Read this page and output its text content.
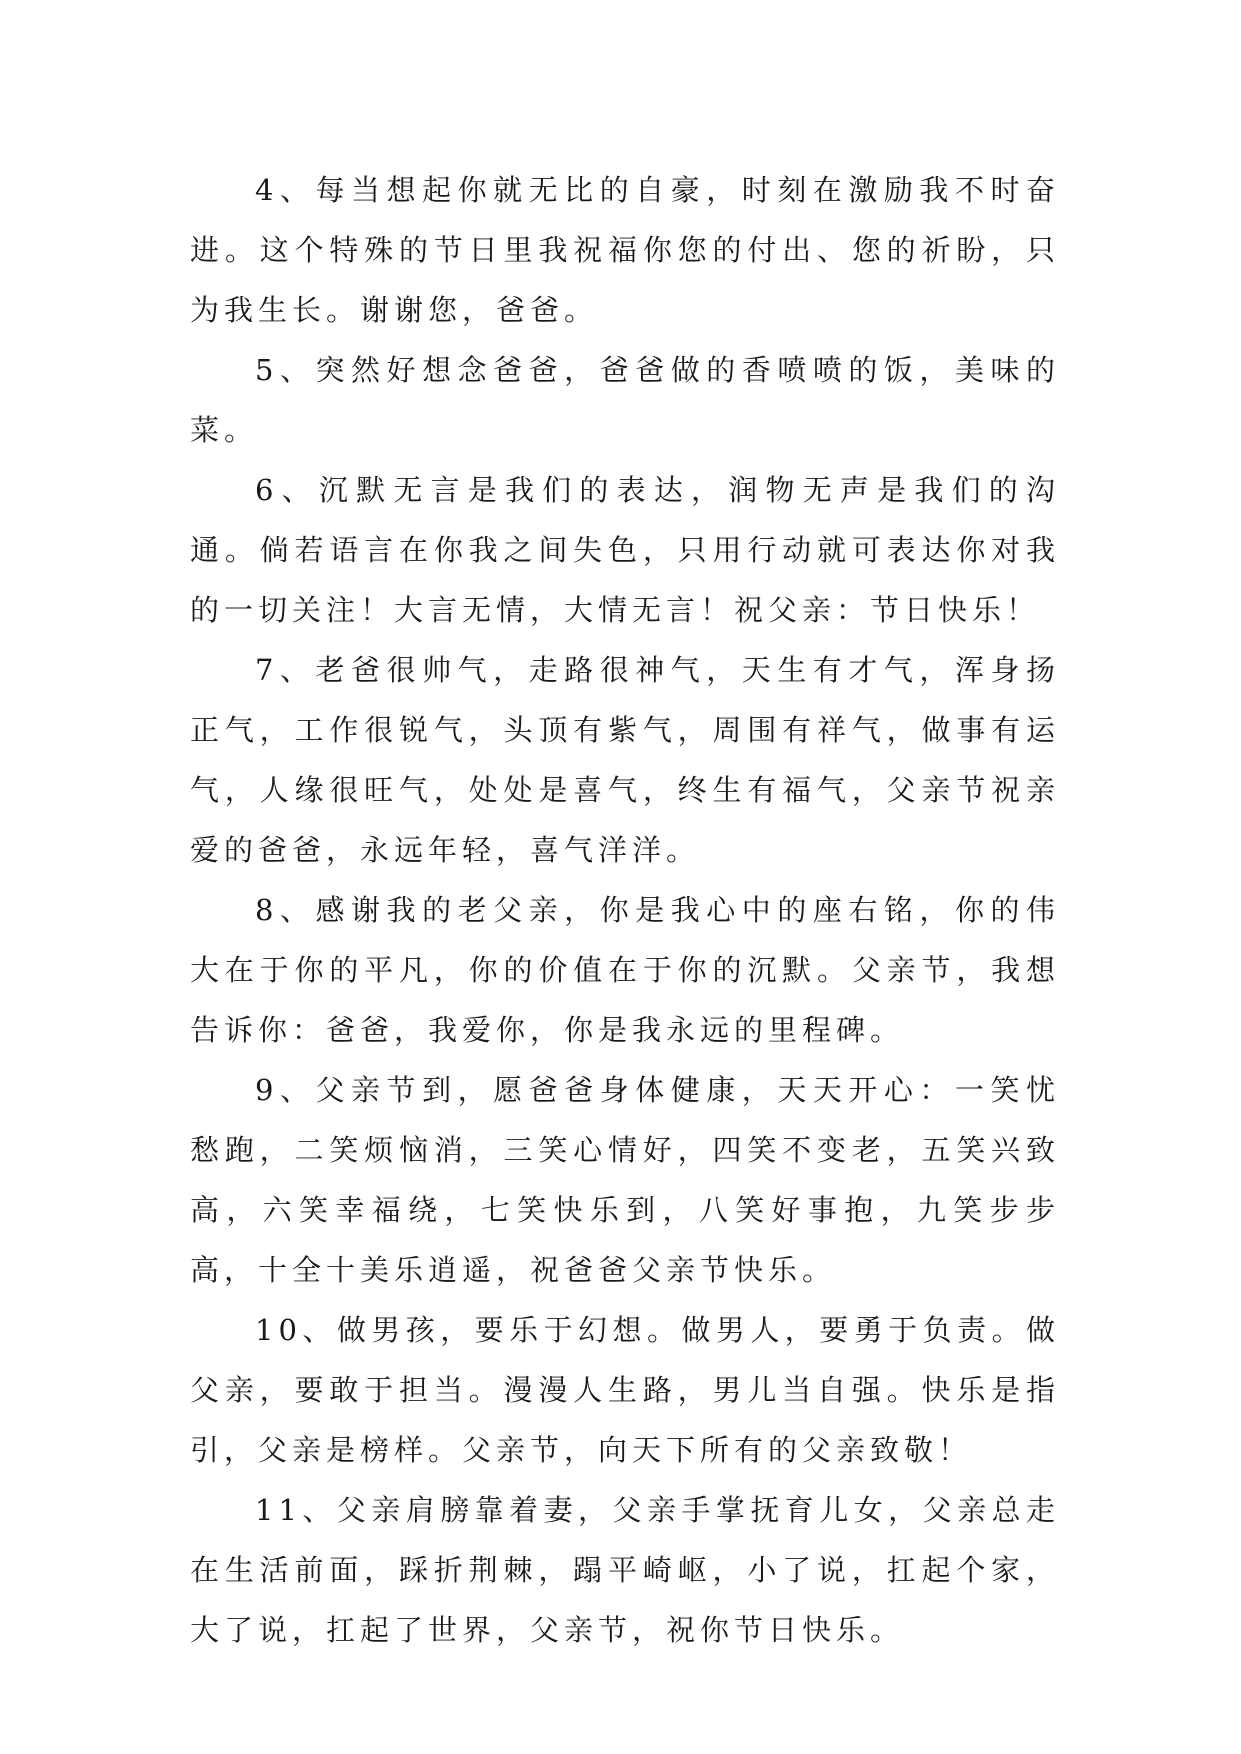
4、每当想起你就无比的自豪，时刻在激励我不时奋进。这个特殊的节日里我祝福你您的付出、您的祈盼，只为我生长。谢谢您，爸爸。

5、突然好想念爸爸，爸爸做的香喷喷的饭，美味的菜。

6、沉默无言是我们的表达，润物无声是我们的沟通。倘若语言在你我之间失色，只用行动就可表达你对我的一切关注！大言无情，大情无言！祝父亲：节日快乐！

7、老爸很帅气，走路很神气，天生有才气，浑身扬正气，工作很锐气，头顶有紫气，周围有祥气，做事有运气，人缘很旺气，处处是喜气，终生有福气，父亲节祝亲爱的爸爸，永远年轻，喜气洋洋。

8、感谢我的老父亲，你是我心中的座右铭，你的伟大在于你的平凡，你的价值在于你的沉默。父亲节，我想告诉你：爸爸，我爱你，你是我永远的里程碑。

9、父亲节到，愿爸爸身体健康，天天开心：一笑忧愁跑，二笑烦恼消，三笑心情好，四笑不变老，五笑兴致高，六笑幸福绕，七笑快乐到，八笑好事抱，九笑步步高，十全十美乐逍遥，祝爸爸父亲节快乐。

10、做男孩，要乐于幻想。做男人，要勇于负责。做父亲，要敢于担当。漫漫人生路，男儿当自强。快乐是指引，父亲是榜样。父亲节，向天下所有的父亲致敬！

11、父亲肩膀靠着妻，父亲手掌抚育儿女，父亲总走在生活前面，踩折荆棘，蹋平崎岖，小了说，扛起个家，大了说，扛起了世界，父亲节，祝你节日快乐。
